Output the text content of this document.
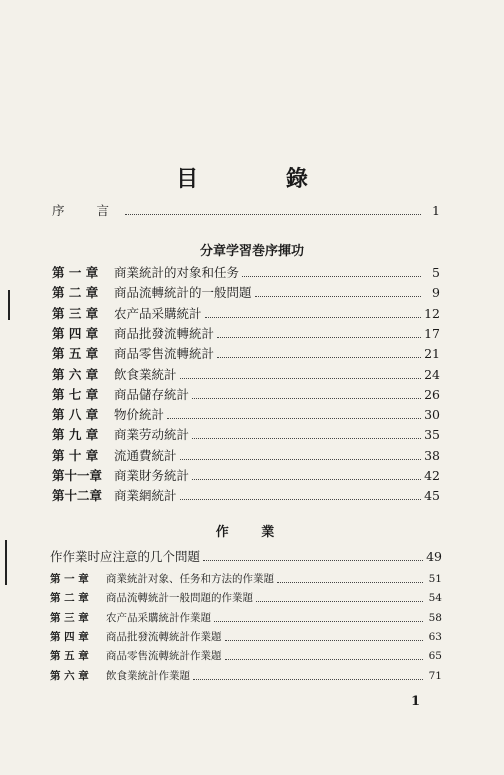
目 錄
序 言	1
分章学習巻序揮功
第 一 章	商業統計的对象和任务	5
第 二 章	商品流轉統計的一般問題	9
第 三 章	农产品采購統計	12
第 四 章	商品批發流轉統計	17
第 五 章	商品零售流轉統計	21
第 六 章	飲食業統計	24
第 七 章	商品儲存統計	26
第 八 章	物价統計	30
第 九 章	商業劳动統計	35
第 十 章	流通費統計	38
第十一章 商業財务統計	42
第十二章 商業網統計	45
作 業
作作業时应注意的几个問題	49
第 一 章	商業統計对象、任务和方法的作業題	51
第 二 章	商品流轉統計一般問題的作業題	54
第 三 章	农产品采購統計作業題	58
第 四 章	商品批發流轉統計作業題	63
第 五 章	商品零售流轉統計作業題	65
第 六 章	飲食業統計作業題	71
1
